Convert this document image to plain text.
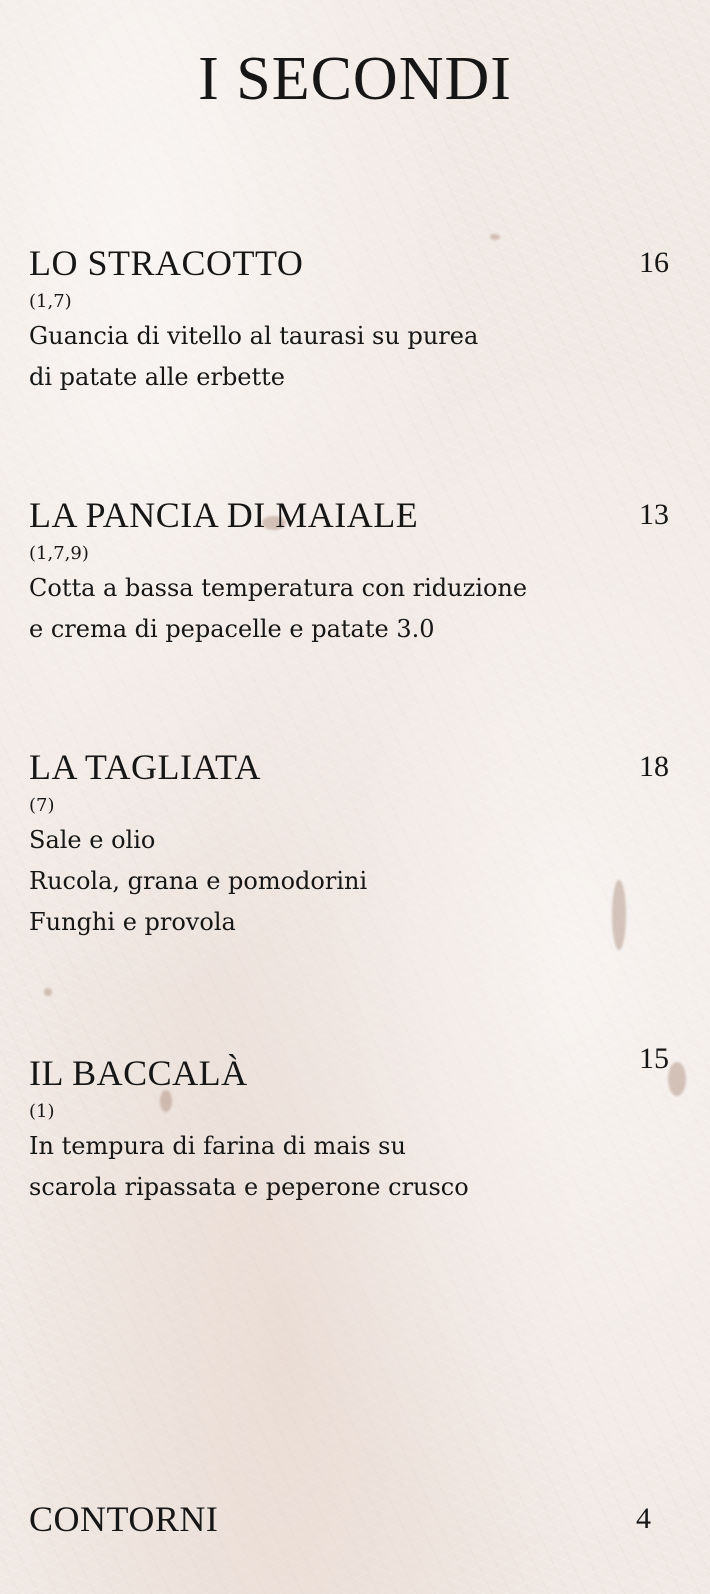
I SECONDI
LO STRACOTTO	16
(1,7)
Guancia di vitello al taurasi su purea
di patate alle erbette
LA PANCIA DI MAIALE	13
(1,7,9)
Cotta a bassa temperatura con riduzione
e crema di pepacelle e patate 3.0
LA TAGLIATA	18
(7)
Sale e olio
Rucola, grana e pomodorini
Funghi e provola
IL BACCALÀ	15
(1)
In tempura di farina di mais su
scarola ripassata e peperone crusco
CONTORNI	4
